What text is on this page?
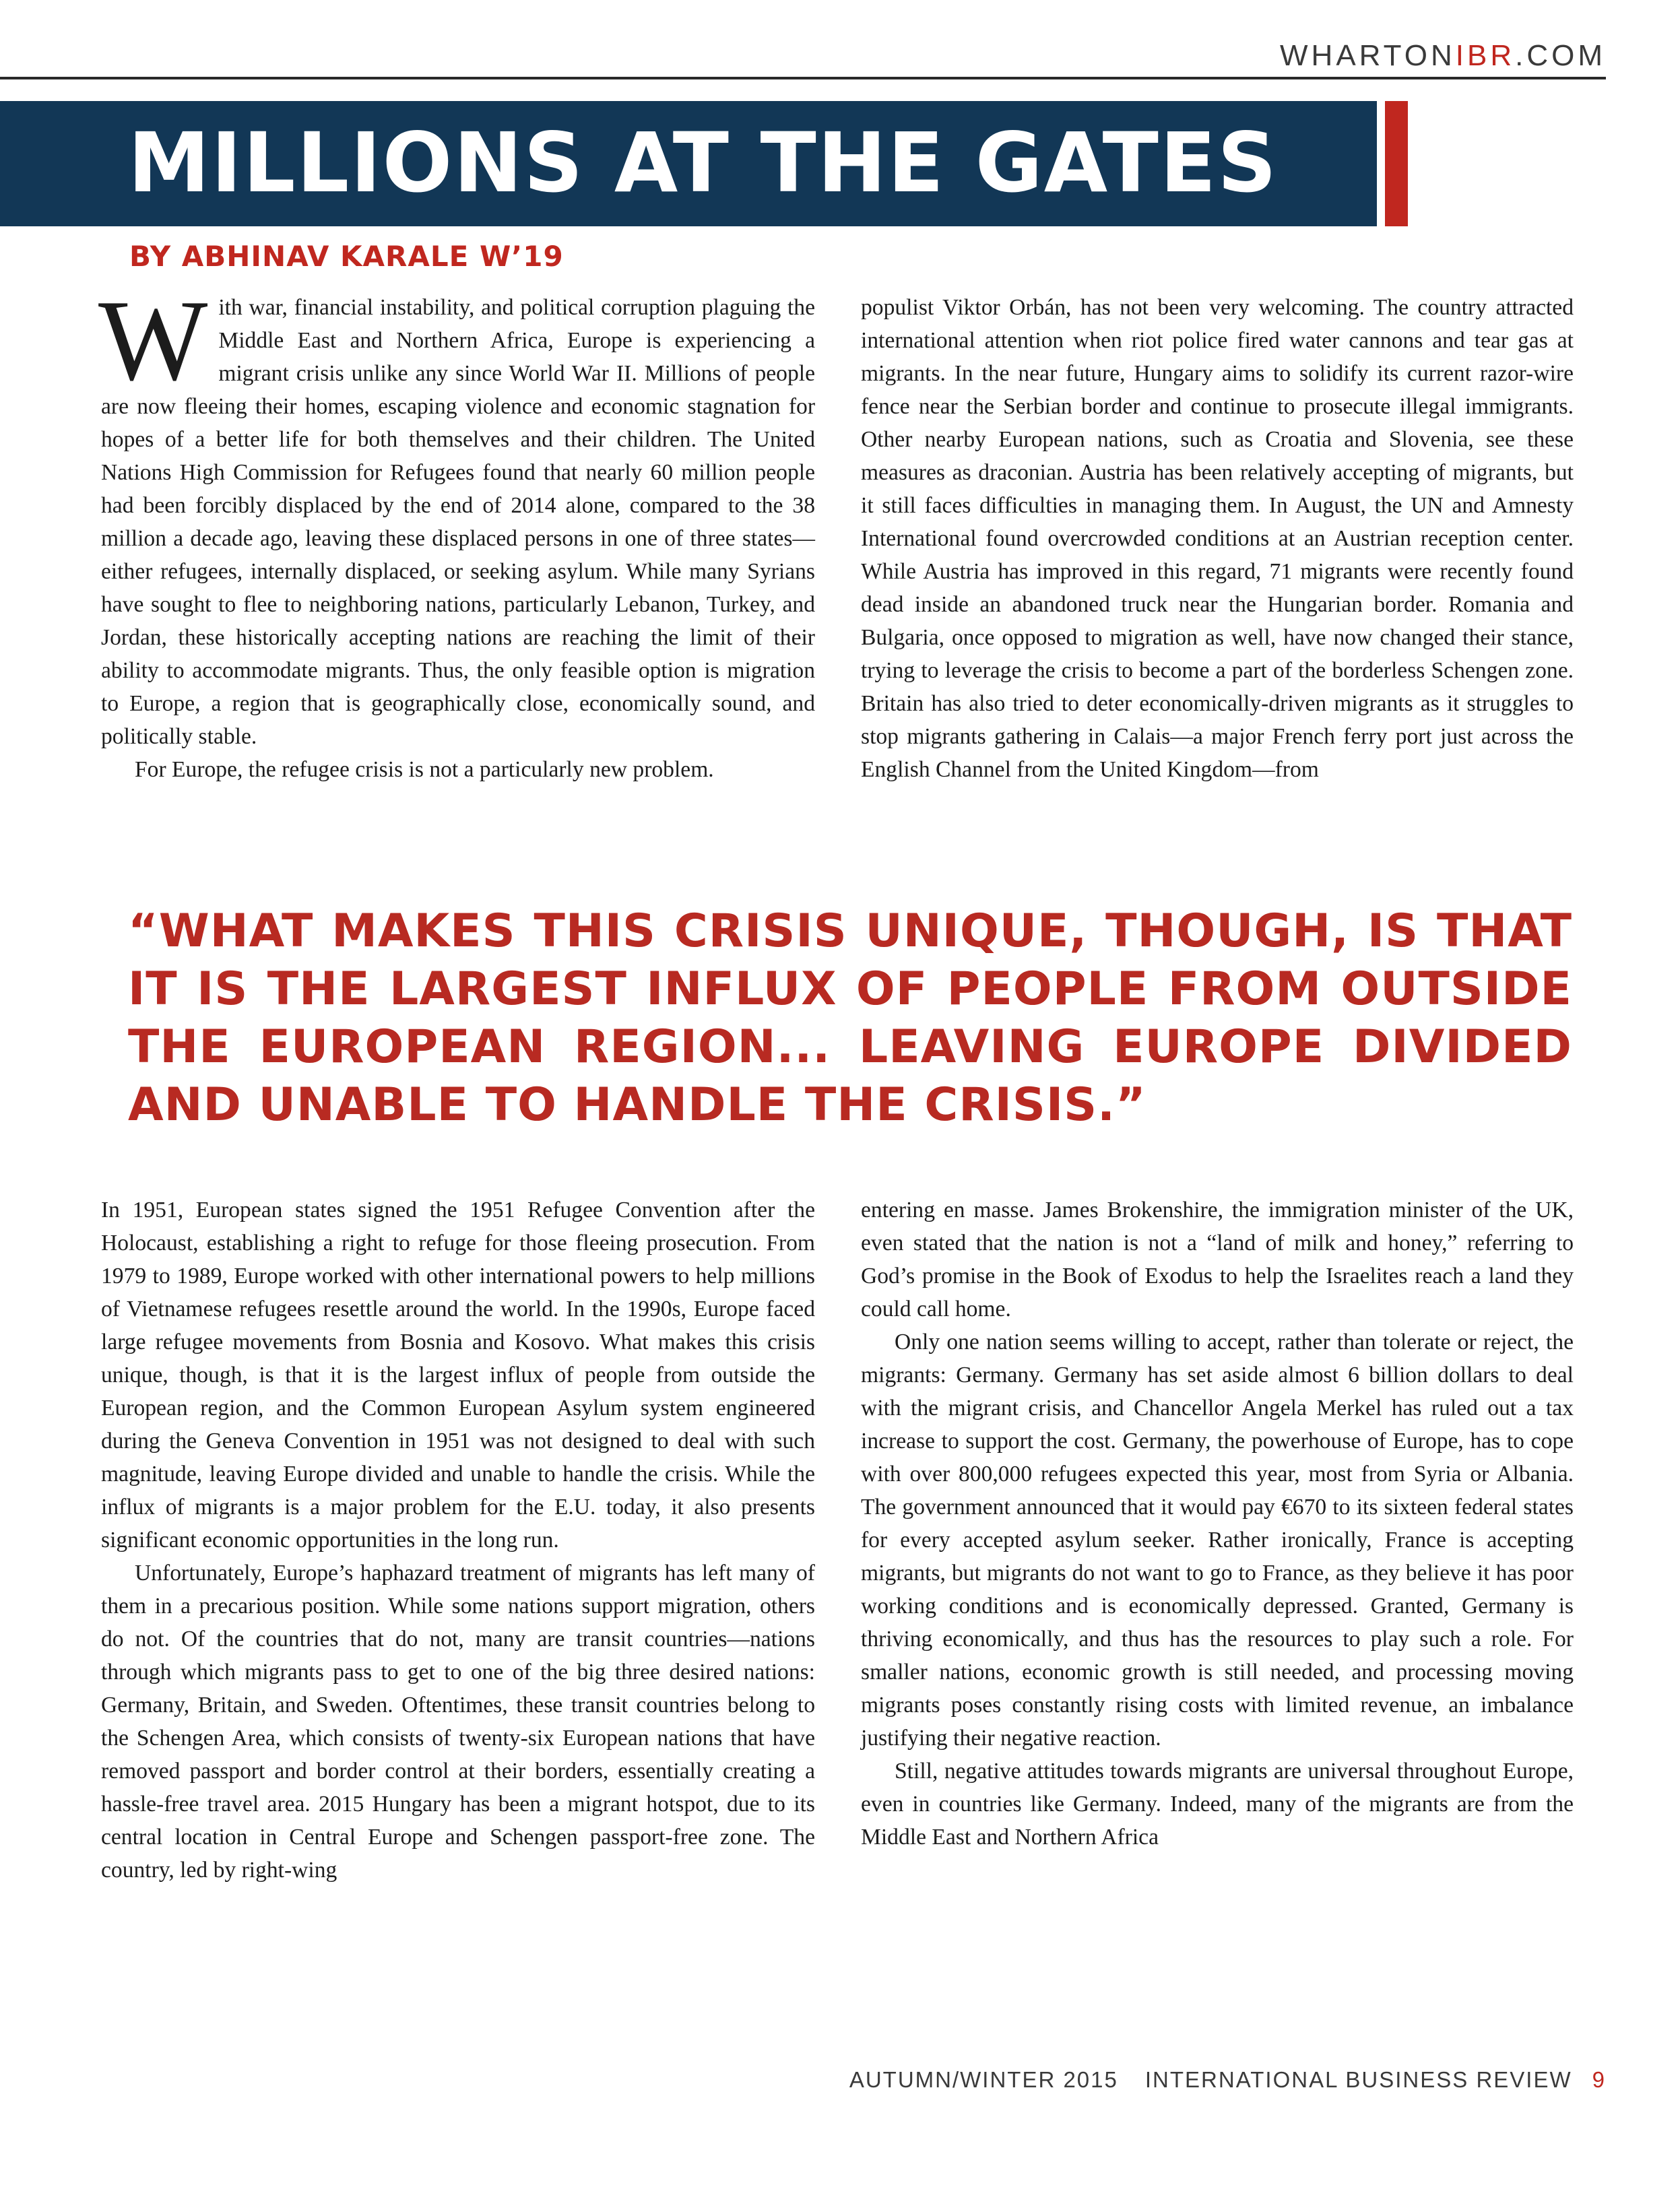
WHARTONIBR.COM
MILLIONS AT THE GATES
BY ABHINAV KARALE W’19

With war, financial instability, and political corruption plaguing the Middle East and Northern Africa, Europe is experiencing a migrant crisis unlike any since World War II. Millions of people are now fleeing their homes, escaping violence and economic stagnation for hopes of a better life for both themselves and their children. The United Nations High Commission for Refugees found that nearly 60 million people had been forcibly displaced by the end of 2014 alone, compared to the 38 million a decade ago, leaving these displaced persons in one of three states—either refugees, internally displaced, or seeking asylum. While many Syrians have sought to flee to neighboring nations, particularly Lebanon, Turkey, and Jordan, these historically accepting nations are reaching the limit of their ability to accommodate migrants. Thus, the only feasible option is migration to Europe, a region that is geographically close, economically sound, and politically stable.

For Europe, the refugee crisis is not a particularly new problem.

populist Viktor Orbán, has not been very welcoming. The country attracted international attention when riot police fired water cannons and tear gas at migrants. In the near future, Hungary aims to solidify its current razor-wire fence near the Serbian border and continue to prosecute illegal immigrants. Other nearby European nations, such as Croatia and Slovenia, see these measures as draconian. Austria has been relatively accepting of migrants, but it still faces difficulties in managing them. In August, the UN and Amnesty International found overcrowded conditions at an Austrian reception center. While Austria has improved in this regard, 71 migrants were recently found dead inside an abandoned truck near the Hungarian border. Romania and Bulgaria, once opposed to migration as well, have now changed their stance, trying to leverage the crisis to become a part of the borderless Schengen zone. Britain has also tried to deter economically-driven migrants as it struggles to stop migrants gathering in Calais—a major French ferry port just across the English Channel from the United Kingdom—from

“WHAT MAKES THIS CRISIS UNIQUE, THOUGH, IS THAT IT IS THE LARGEST INFLUX OF PEOPLE FROM OUTSIDE THE EUROPEAN REGION... LEAVING EUROPE DIVIDED AND UNABLE TO HANDLE THE CRISIS.”

In 1951, European states signed the 1951 Refugee Convention after the Holocaust, establishing a right to refuge for those fleeing prosecution. From 1979 to 1989, Europe worked with other international powers to help millions of Vietnamese refugees resettle around the world. In the 1990s, Europe faced large refugee movements from Bosnia and Kosovo. What makes this crisis unique, though, is that it is the largest influx of people from outside the European region, and the Common European Asylum system engineered during the Geneva Convention in 1951 was not designed to deal with such magnitude, leaving Europe divided and unable to handle the crisis. While the influx of migrants is a major problem for the E.U. today, it also presents significant economic opportunities in the long run.

Unfortunately, Europe’s haphazard treatment of migrants has left many of them in a precarious position. While some nations support migration, others do not. Of the countries that do not, many are transit countries—nations through which migrants pass to get to one of the big three desired nations: Germany, Britain, and Sweden. Oftentimes, these transit countries belong to the Schengen Area, which consists of twenty-six European nations that have removed passport and border control at their borders, essentially creating a hassle-free travel area. 2015 Hungary has been a migrant hotspot, due to its central location in Central Europe and Schengen passport-free zone. The country, led by right-wing

entering en masse. James Brokenshire, the immigration minister of the UK, even stated that the nation is not a “land of milk and honey,” referring to God’s promise in the Book of Exodus to help the Israelites reach a land they could call home.

Only one nation seems willing to accept, rather than tolerate or reject, the migrants: Germany. Germany has set aside almost 6 billion dollars to deal with the migrant crisis, and Chancellor Angela Merkel has ruled out a tax increase to support the cost. Germany, the powerhouse of Europe, has to cope with over 800,000 refugees expected this year, most from Syria or Albania. The government announced that it would pay €670 to its sixteen federal states for every accepted asylum seeker. Rather ironically, France is accepting migrants, but migrants do not want to go to France, as they believe it has poor working conditions and is economically depressed. Granted, Germany is thriving economically, and thus has the resources to play such a role. For smaller nations, economic growth is still needed, and processing moving migrants poses constantly rising costs with limited revenue, an imbalance justifying their negative reaction.

Still, negative attitudes towards migrants are universal throughout Europe, even in countries like Germany. Indeed, many of the migrants are from the Middle East and Northern Africa

AUTUMN/WINTER 2015 INTERNATIONAL BUSINESS REVIEW 9
